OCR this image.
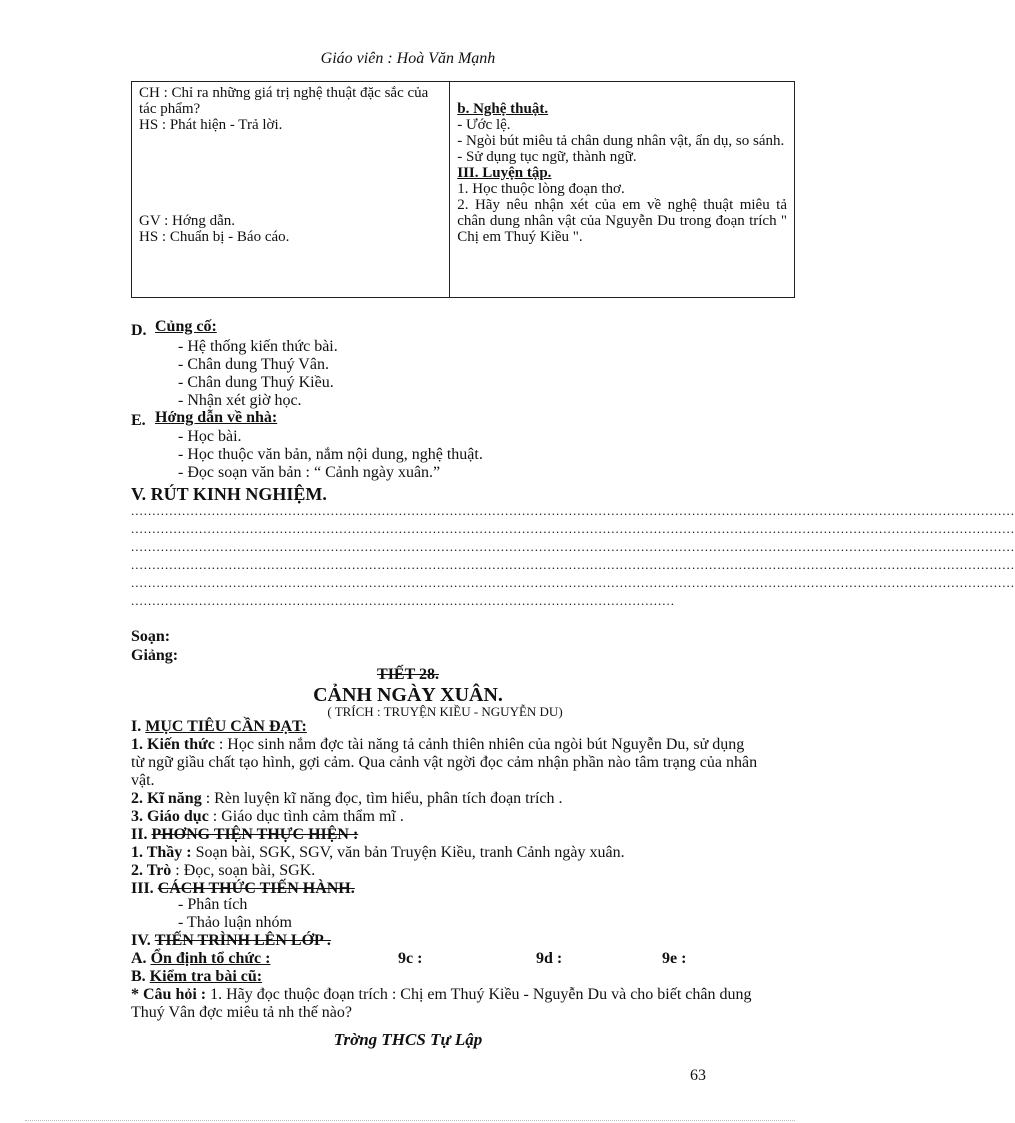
Giáo viên : Hoà Văn Mạnh
CH : Chỉ ra những giá trị nghệ thuật đặc sắc của tác phẩm?
HS : Phát hiện - Trả lời.
GV : Hớng dẫn.
HS : Chuẩn bị - Báo cáo.

b. Nghệ thuật.
- Ước lệ.
- Ngòi bút miêu tả chân dung nhân vật, ẩn dụ, so sánh.
- Sử dụng tục ngữ, thành ngữ.
III. Luyện tập.
1. Học thuộc lòng đoạn thơ.
2. Hãy nêu nhận xét của em về nghệ thuật miêu tả chân dung nhân vật của Nguyễn Du trong đoạn trích " Chị em Thuý Kiều ".
D. Củng cố:
- Hệ thống kiến thức bài.
- Chân dung Thuý Vân.
- Chân dung Thuý Kiều.
- Nhận xét giờ học.
E. Hớng dẫn về nhà:
- Học bài.
- Học thuộc văn bản, nắm nội dung, nghệ thuật.
- Đọc soạn văn bản : “ Cảnh ngày xuân.”
V. RÚT KINH NGHIỆM.
................................................................................................................................................................................................................
................................................................................................................................................................................................................
................................................................................................................................................................................................................
................................................................................................................................................................................................................
................................................................................................................................................................................................................
................................................................................................................................
Soạn:
Giảng:
TIẾT 28.
CẢNH NGÀY XUÂN.
( TRÍCH : TRUYỆN KIỀU - NGUYỄN DU)
I. MỤC TIÊU CẦN ĐẠT:
1. Kiến thức : Học sinh nắm đợc tài năng tả cảnh thiên nhiên của ngòi bút Nguyễn Du, sử dụng từ ngữ giầu chất tạo hình, gợi cảm. Qua cảnh vật ngời đọc cảm nhận phần nào tâm trạng của nhân vật.
2. Kĩ năng : Rèn luyện kĩ năng đọc, tìm hiểu, phân tích đoạn trích .
3. Giáo dục : Giáo dục tình cảm thẩm mĩ .
II. PHƠNG TIỆN THỰC HIỆN :
1. Thầy : Soạn bài, SGK, SGV, văn bản Truyện Kiều, tranh Cảnh ngày xuân.
2. Trò : Đọc, soạn bài, SGK.
III. CÁCH THỨC TIẾN HÀNH.
- Phân tích
- Thảo luận nhóm
IV. TIẾN TRÌNH LÊN LỚP .
A. Ổn định tổ chức :	9c :	9d :	9e :
B. Kiểm tra bài cũ:
* Câu hỏi : 1. Hãy đọc thuộc đoạn trích : Chị em Thuý Kiều - Nguyễn Du và cho biết chân dung Thuý Vân đợc miêu tả nh thế nào?
Trờng THCS Tự Lập
63
